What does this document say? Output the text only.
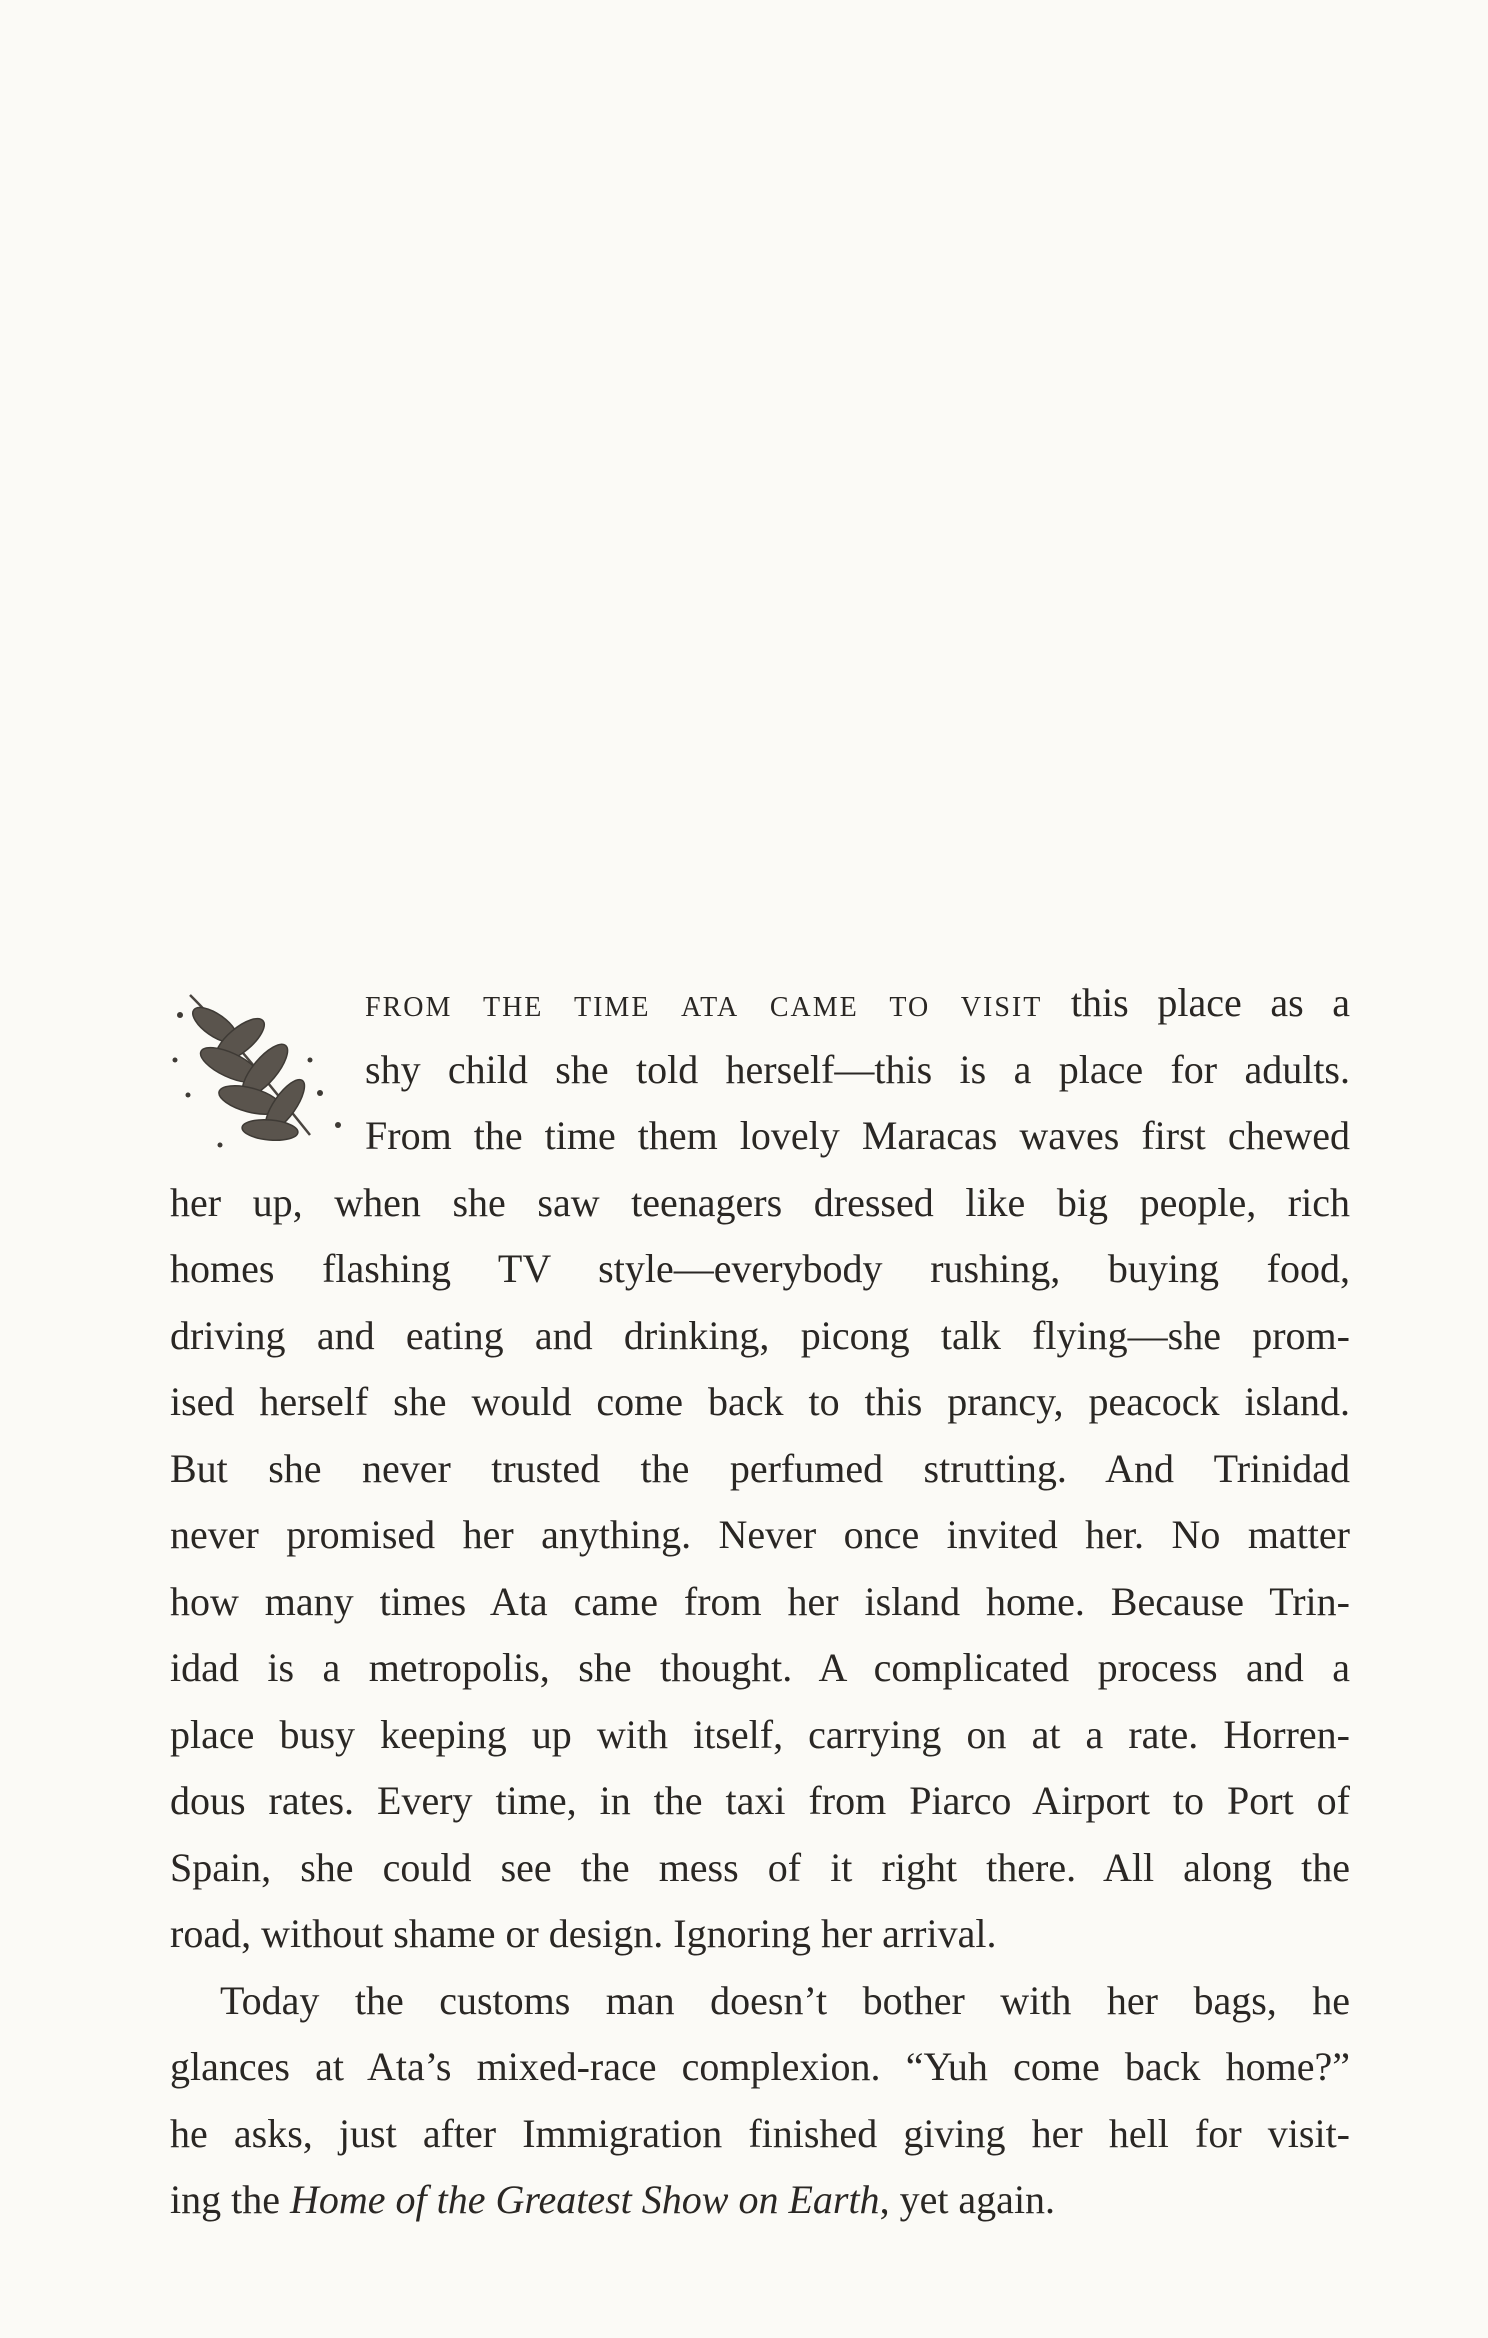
from the time ata came to visit this place as a
shy child she told herself—this is a place for adults.
From the time them lovely Maracas waves first chewed
her up, when she saw teenagers dressed like big people, rich
homes flashing TV style—everybody rushing, buying food,
driving and eating and drinking, picong talk flying—she prom-
ised herself she would come back to this prancy, peacock island.
But she never trusted the perfumed strutting. And Trinidad
never promised her anything. Never once invited her. No matter
how many times Ata came from her island home. Because Trin-
idad is a metropolis, she thought. A complicated process and a
place busy keeping up with itself, carrying on at a rate. Horren-
dous rates. Every time, in the taxi from Piarco Airport to Port of
Spain, she could see the mess of it right there. All along the
road, without shame or design. Ignoring her arrival.
Today the customs man doesn’t bother with her bags, he
glances at Ata’s mixed-race complexion. “Yuh come back home?”
he asks, just after Immigration finished giving her hell for visit-
ing the Home of the Greatest Show on Earth, yet again.
